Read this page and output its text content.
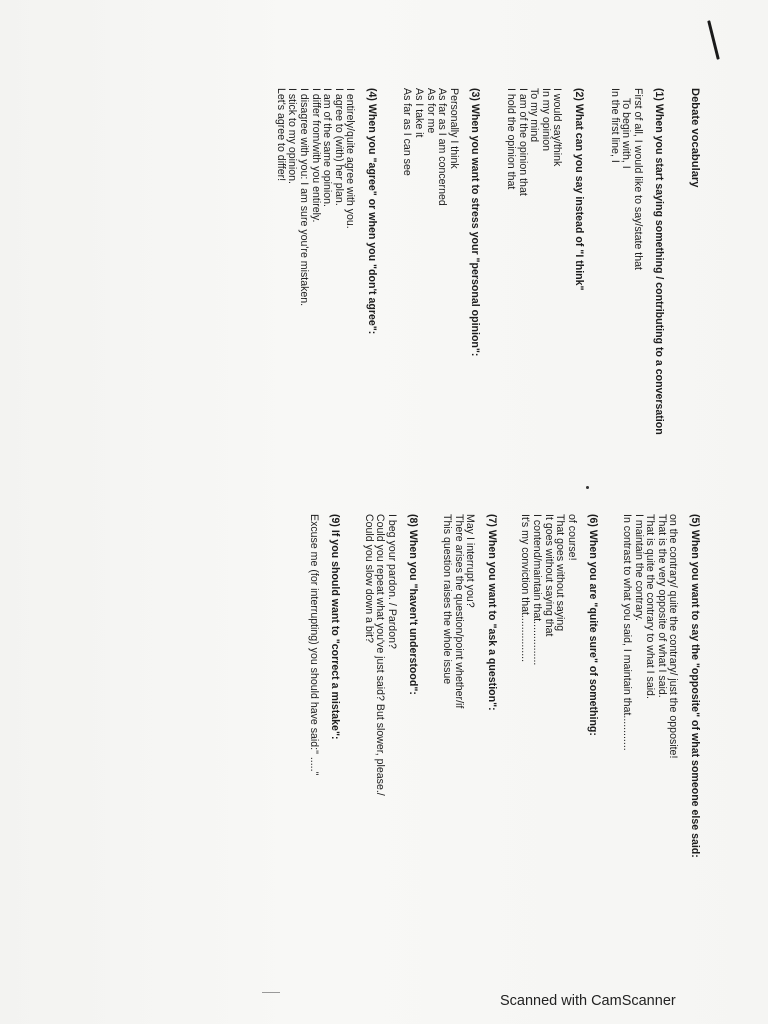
Debate vocabulary
(1) When you start saying something / contributing to a conversation
First of all, I would like to say/state that
To begin with, I
In the first line, I
(2) What can you say instead of "I think"
I would say/think
In my opinion
To my mind
I am of the opinion that
I hold the opinion that
(3) When you want to stress your "personal opinion":
Personally I think
As far as I am concerned
As for me
As I take it
As far as I can see
(4) When you "agree" or when you "don't agree":
I entirely/quite agree with you.
I agree to (with) her plan.
I am of the same opinion.
I differ from/with you entirely.
I disagree with you: I am sure you're mistaken.
I stick to my opinion.
Let's agree to differ!
(5) When you want to say the "opposite" of what someone else said:
on the contrary/ quite the contrary/ just the opposite!
That is the very opposite of what I said.
That is quite the contrary to what I said.
I maintain the contrary.
In contrast to what you said, I maintain that............
(6) When you are "quite sure" of something:
of course!
That goes without saying
It goes without saying that
I contend/maintain that...............
It's my conviction that................
(7) When you want to "ask a question":
May I interrupt you?
There arises the question/point whether/if
This question raises the whole issue
(8) When you "haven't understood":
I beg your pardon. / Pardon?
Could you repeat what you've just said? But slower, please./
Could you slow down a bit?
(9) If you should want to "correct a mistake":
Excuse me (for interrupting) you should have said:" ....."
Scanned with CamScanner
